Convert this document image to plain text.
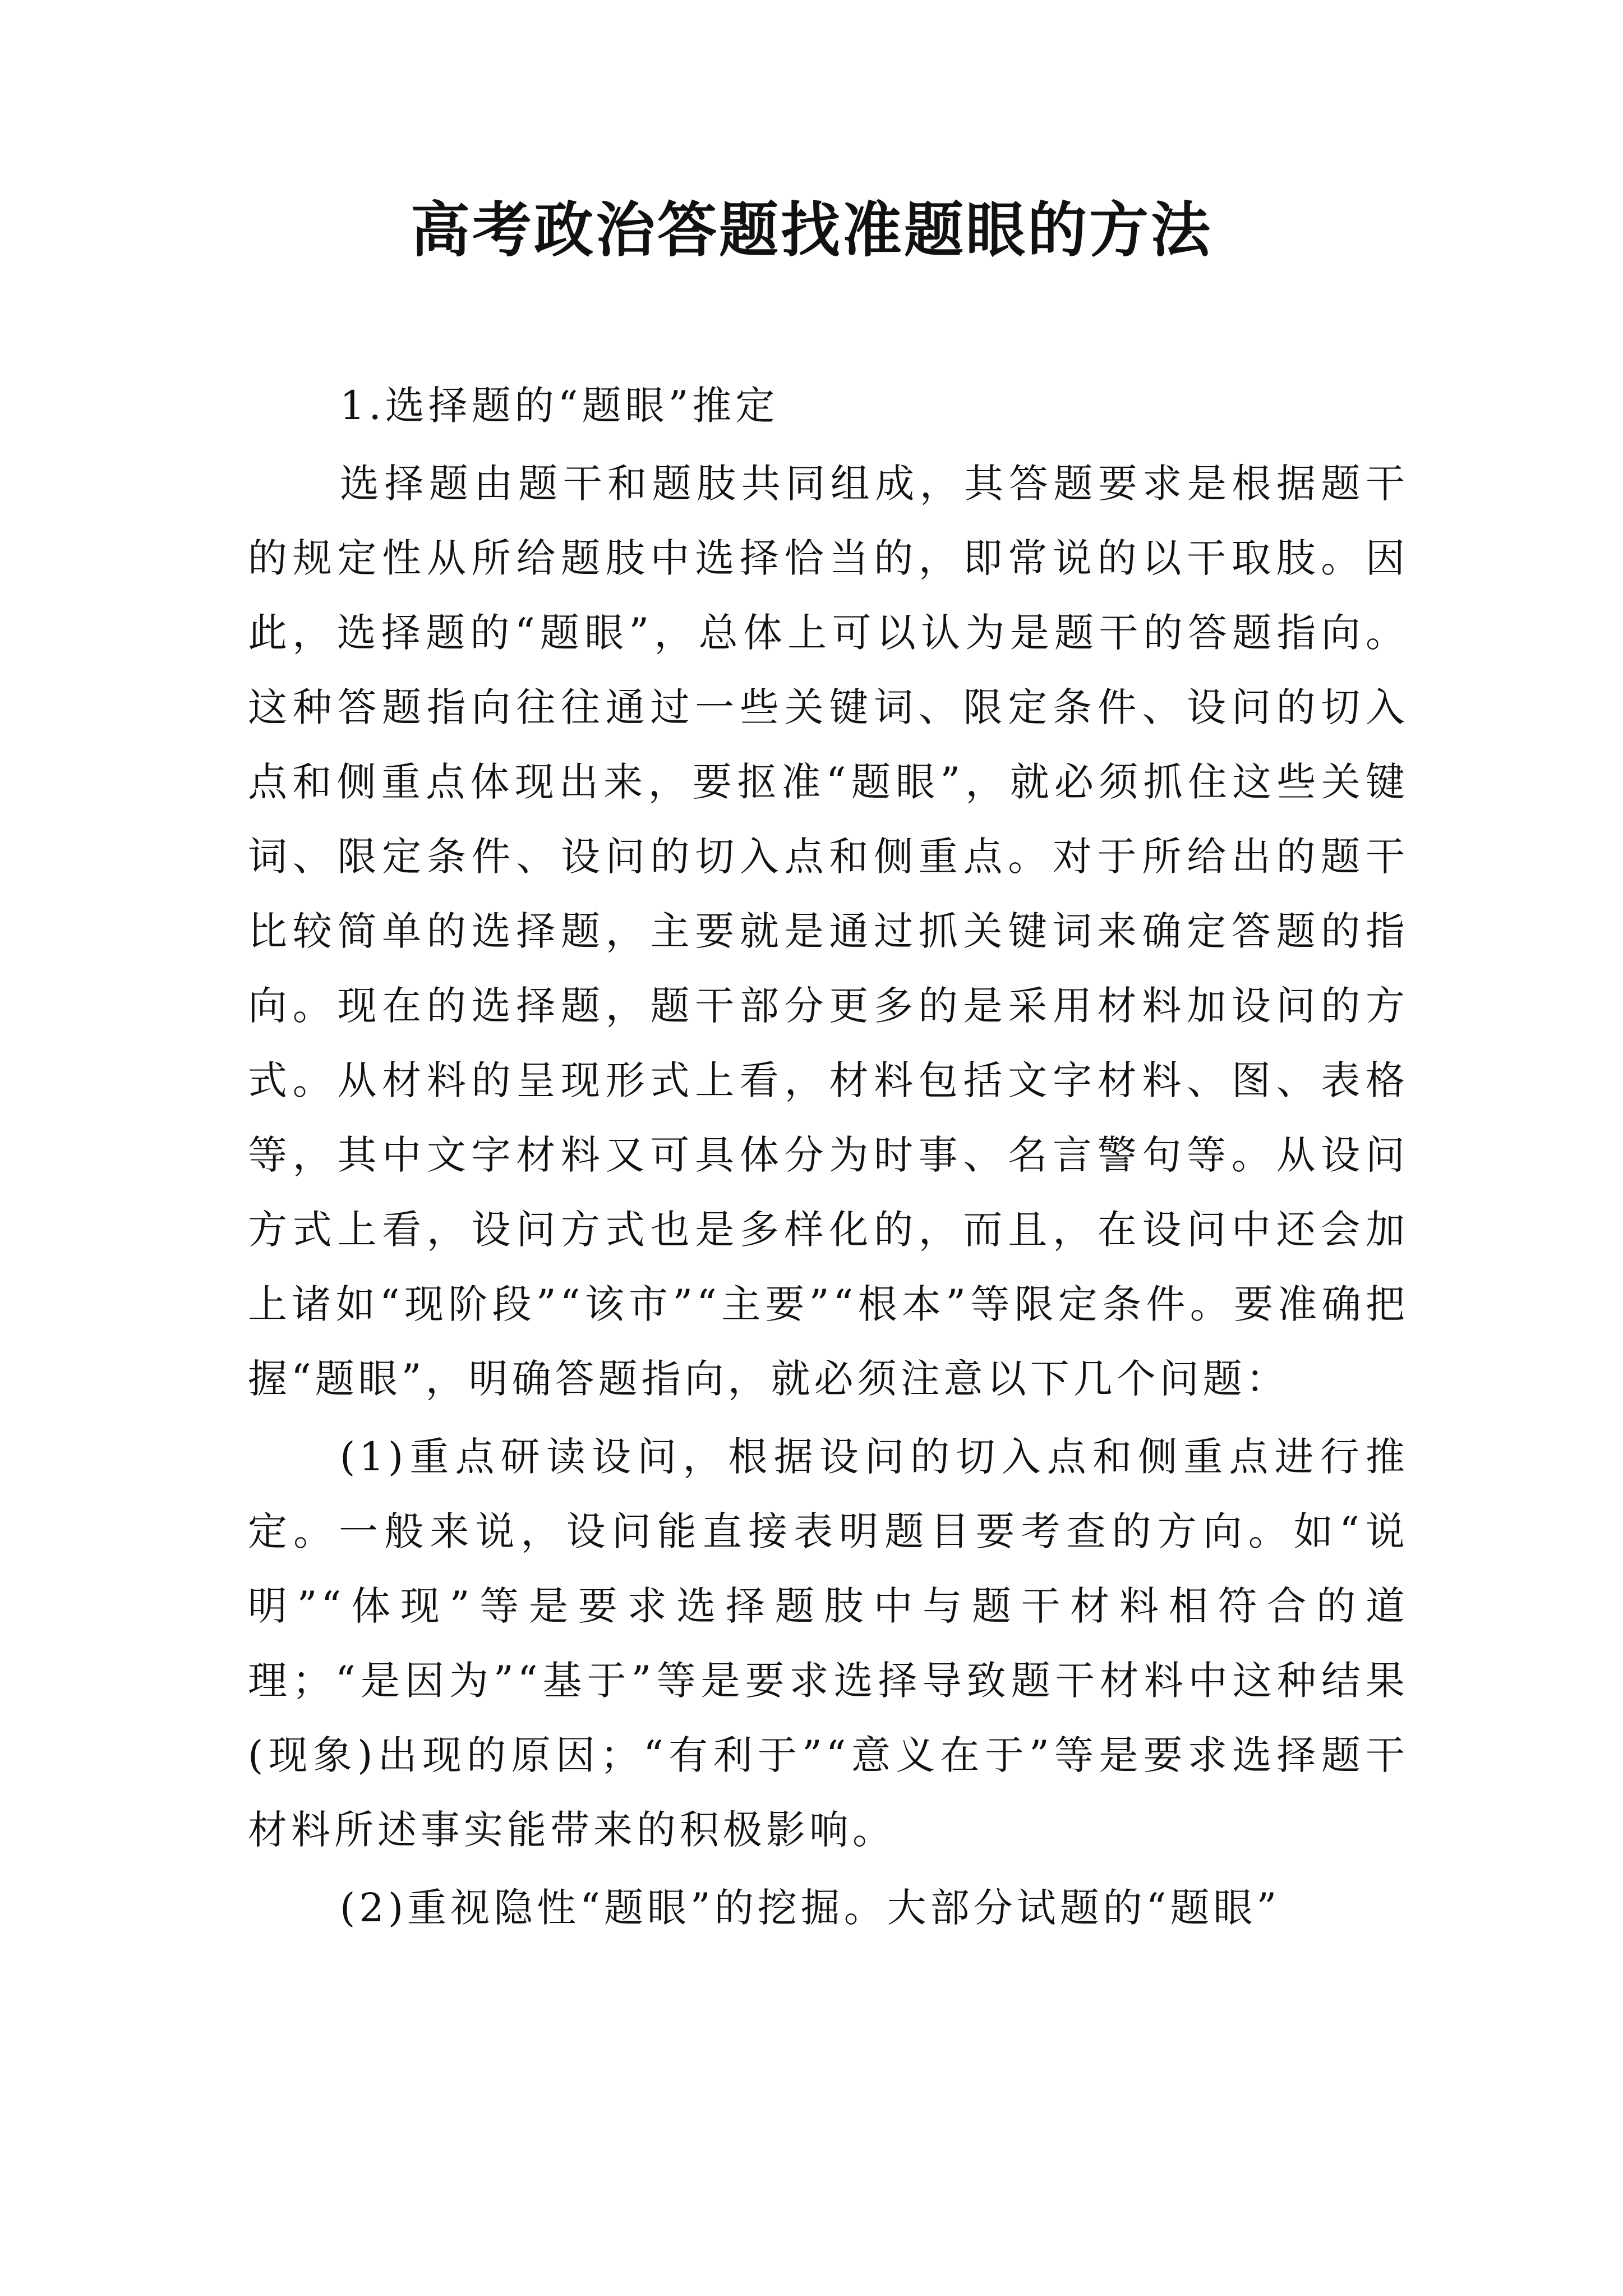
高考政治答题找准题眼的方法

1.选择题的“题眼”推定

选择题由题干和题肢共同组成，其答题要求是根据题干的规定性从所给题肢中选择恰当的，即常说的以干取肢。因此，选择题的“题眼”，总体上可以认为是题干的答题指向。这种答题指向往往通过一些关键词、限定条件、设问的切入点和侧重点体现出来，要抠准“题眼”，就必须抓住这些关键词、限定条件、设问的切入点和侧重点。对于所给出的题干比较简单的选择题，主要就是通过抓关键词来确定答题的指向。现在的选择题，题干部分更多的是采用材料加设问的方式。从材料的呈现形式上看，材料包括文字材料、图、表格等，其中文字材料又可具体分为时事、名言警句等。从设问方式上看，设问方式也是多样化的，而且，在设问中还会加上诸如“现阶段”“该市”“主要”“根本”等限定条件。要准确把握“题眼”，明确答题指向，就必须注意以下几个问题：

(1)重点研读设问，根据设问的切入点和侧重点进行推定。一般来说，设问能直接表明题目要考查的方向。如“说明”“体现”等是要求选择题肢中与题干材料相符合的道理；“是因为”“基于”等是要求选择导致题干材料中这种结果(现象)出现的原因；“有利于”“意义在于”等是要求选择题干材料所述事实能带来的积极影响。

(2)重视隐性“题眼”的挖掘。大部分试题的“题眼”
